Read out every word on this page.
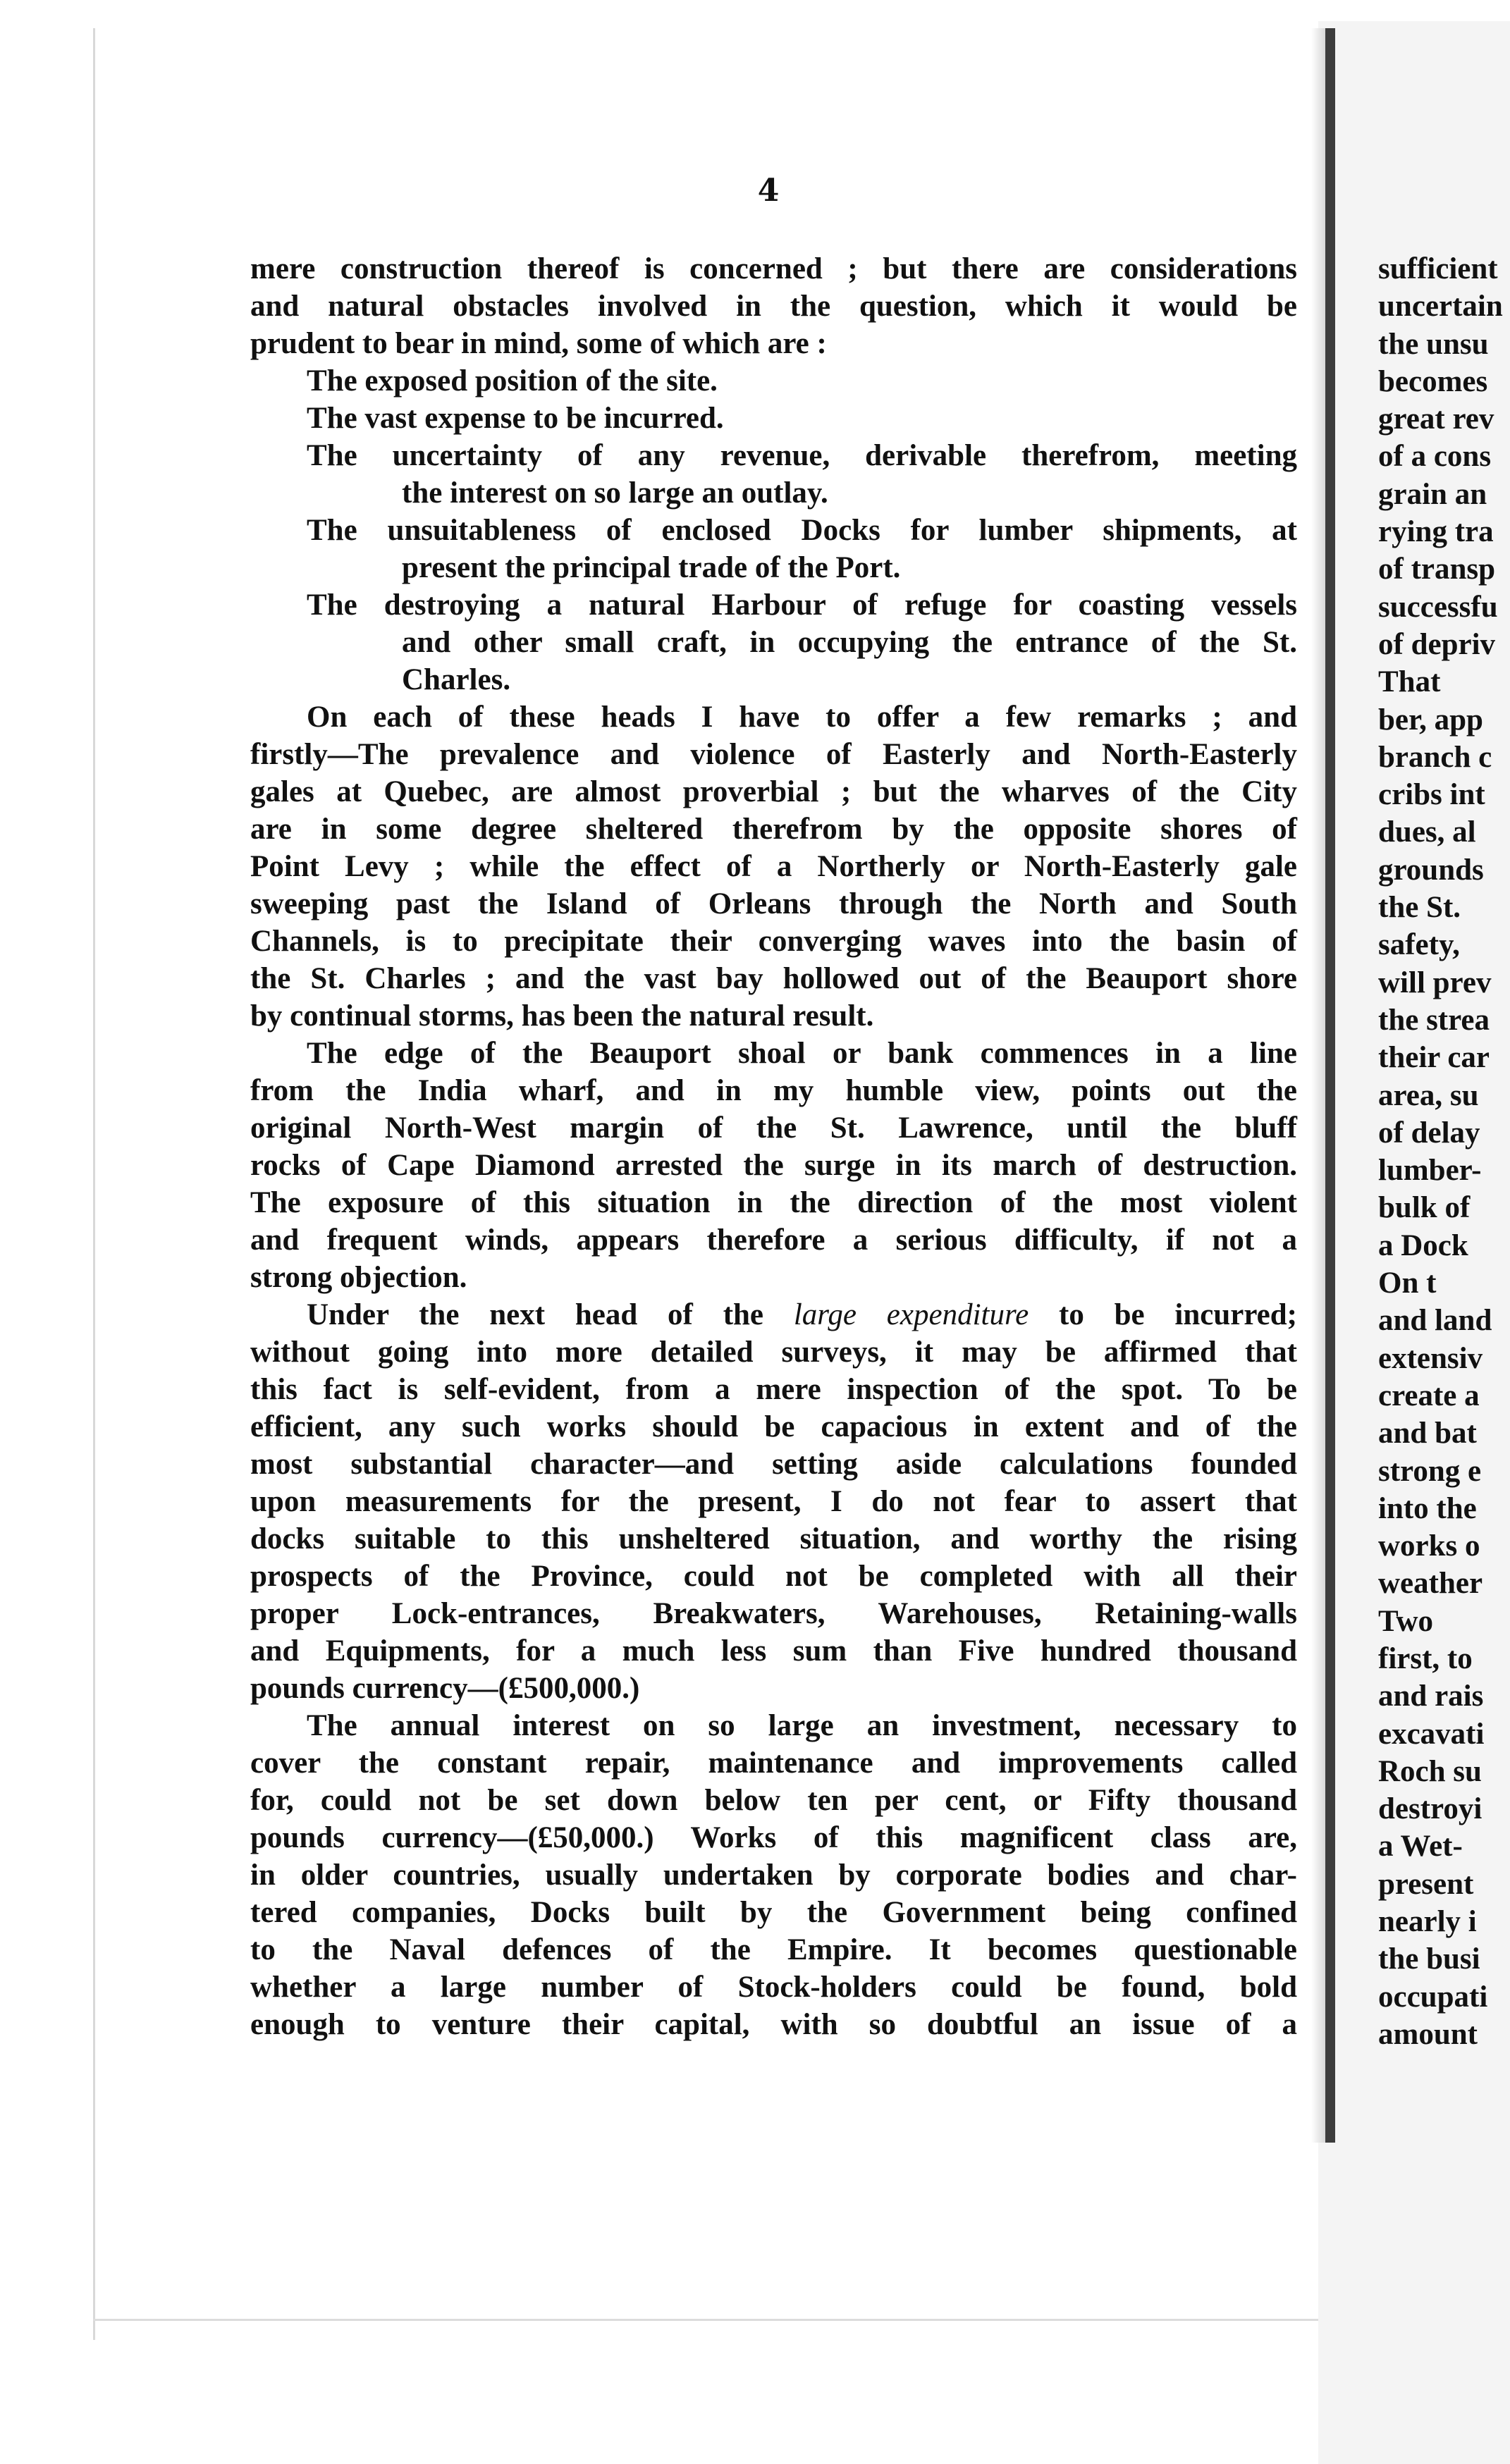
4
mere construction thereof is concerned ; but there are considerations
and natural obstacles involved in the question, which it would be
prudent to bear in mind, some of which are :
The exposed position of the site.
The vast expense to be incurred.
The uncertainty of any revenue, derivable therefrom, meeting
the interest on so large an outlay.
The unsuitableness of enclosed Docks for lumber shipments, at
present the principal trade of the Port.
The destroying a natural Harbour of refuge for coasting vessels
and other small craft, in occupying the entrance of the St.
Charles.
On each of these heads I have to offer a few remarks ; and
firstly—The prevalence and violence of Easterly and North-Easterly
gales at Quebec, are almost proverbial ; but the wharves of the City
are in some degree sheltered therefrom by the opposite shores of
Point Levy ; while the effect of a Northerly or North-Easterly gale
sweeping past the Island of Orleans through the North and South
Channels, is to precipitate their converging waves into the basin of
the St. Charles ; and the vast bay hollowed out of the Beauport shore
by continual storms, has been the natural result.
The edge of the Beauport shoal or bank commences in a line
from the India wharf, and in my humble view, points out the
original North-West margin of the St. Lawrence, until the bluff
rocks of Cape Diamond arrested the surge in its march of destruction.
The exposure of this situation in the direction of the most violent
and frequent winds, appears therefore a serious difficulty, if not a
strong objection.
Under the next head of the large expenditure to be incurred;
without going into more detailed surveys, it may be affirmed that
this fact is self-evident, from a mere inspection of the spot. To be
efficient, any such works should be capacious in extent and of the
most substantial character—and setting aside calculations founded
upon measurements for the present, I do not fear to assert that
docks suitable to this unsheltered situation, and worthy the rising
prospects of the Province, could not be completed with all their
proper Lock-entrances, Breakwaters, Warehouses, Retaining-walls
and Equipments, for a much less sum than Five hundred thousand
pounds currency—(£500,000.)
The annual interest on so large an investment, necessary to
cover the constant repair, maintenance and improvements called
for, could not be set down below ten per cent, or Fifty thousand
pounds currency—(£50,000.) Works of this magnificent class are,
in older countries, usually undertaken by corporate bodies and char-
tered companies, Docks built by the Government being confined
to the Naval defences of the Empire. It becomes questionable
whether a large number of Stock-holders could be found, bold
enough to venture their capital, with so doubtful an issue of a
sufficient
uncertain
the unsu
becomes
great rev
of a cons
grain an
rying tra
of transp
successfu
of depriv
That
ber, app
branch c
cribs int
dues, al
grounds
the St.
safety,
will prev
the strea
their car
area, su
of delay
lumber-
bulk of
a Dock
On t
and land
extensiv
create a
and bat
strong e
into the
works o
weather
Two
first, to
and rais
excavati
Roch su
destroyi
a Wet-
present
nearly i
the busi
occupati
amount
